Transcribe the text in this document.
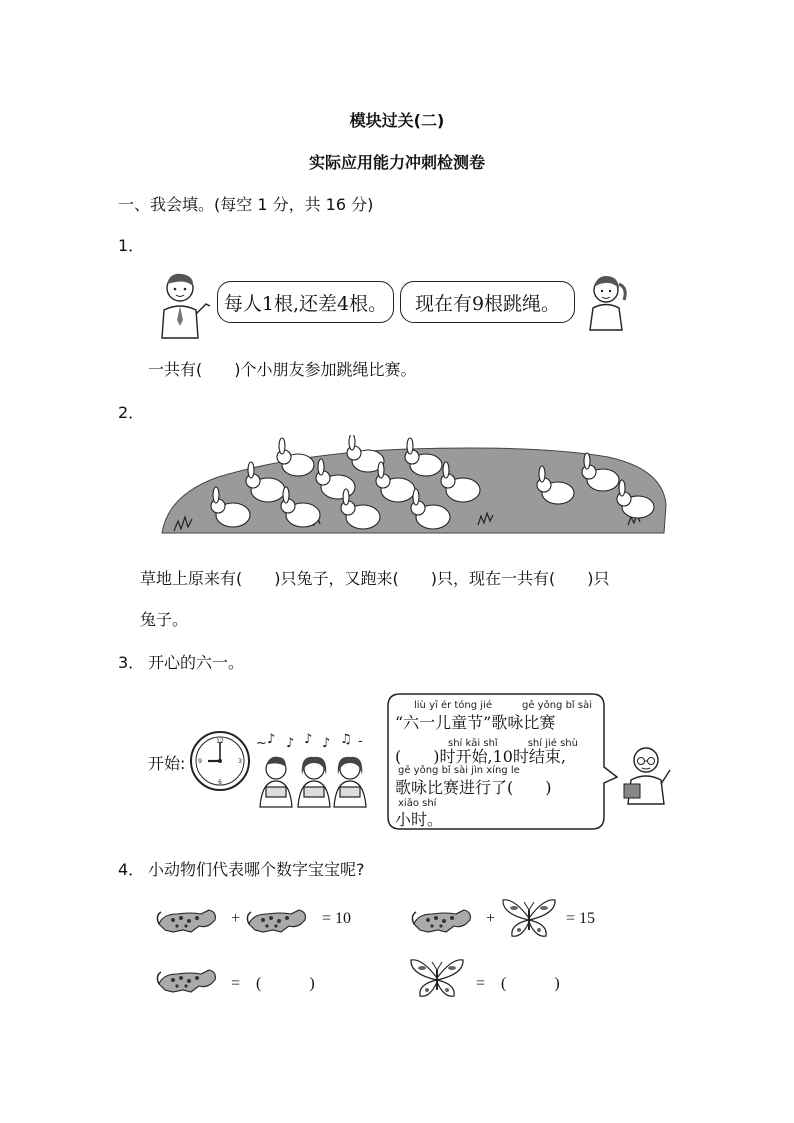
模块过关(二)
实际应用能力冲刺检测卷
一、我会填。(每空 1 分，共 16 分)
1．
每人1根,还差4根。 现在有9根跳绳。
一共有(　　)个小朋友参加跳绳比赛。
2．
草地上原来有(　　)只兔子，又跑来(　　)只，现在一共有(　　)只
兔子。
3． 开心的六一。
开始:
12
3
6
9
~ ♪ ♪ ♪ ♪ ♫ -
liù yī ér tóng jié	gē yǒng bǐ sài
“六一儿童节”歌咏比赛
shí kāi shǐ　　　shí jié shù
(　　)时开始,10时结束,
gē yǒng bǐ sài jìn xíng le
歌咏比赛进行了(　　)
xiǎo shí
小时。
4． 小动物们代表哪个数字宝宝呢?
+	= 10	+	= 15
=　(　　　)	=　(　　　)
